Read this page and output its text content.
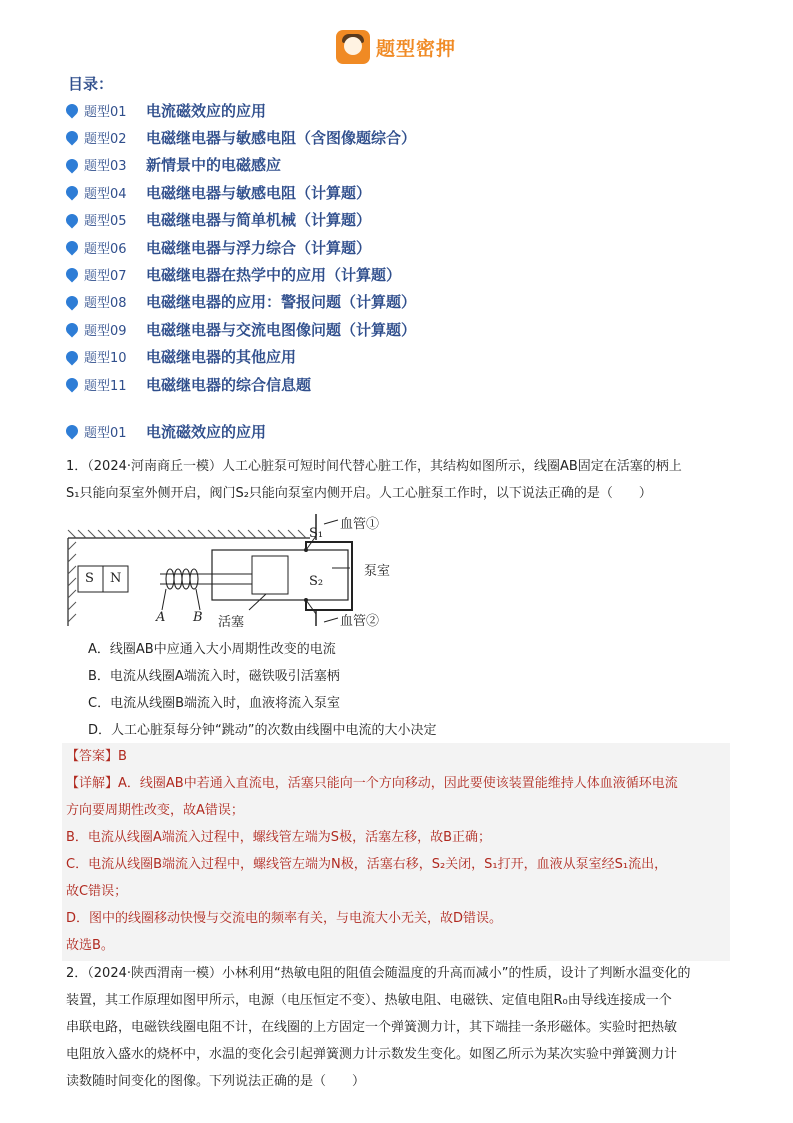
题型密押
目录：
题型01	电流磁效应的应用
题型02	电磁继电器与敏感电阻（含图像题综合）
题型03	新情景中的电磁感应
题型04	电磁继电器与敏感电阻（计算题）
题型05	电磁继电器与简单机械（计算题）
题型06	电磁继电器与浮力综合（计算题）
题型07	电磁继电器在热学中的应用（计算题）
题型08	电磁继电器的应用：警报问题（计算题）
题型09	电磁继电器与交流电图像问题（计算题）
题型10	电磁继电器的其他应用
题型11	电磁继电器的综合信息题
题型01	电流磁效应的应用
1．（2024·河南商丘一模）人工心脏泵可短时间代替心脏工作，其结构如图所示，线圈AB固定在活塞的柄上
S₁只能向泵室外侧开启，阀门S₂只能向泵室内侧开启。人工心脏泵工作时，以下说法正确的是（　　）
S N
A B 活塞
S₁
S₂
血管①
泵室
血管②
A．线圈AB中应通入大小周期性改变的电流
B．电流从线圈A端流入时，磁铁吸引活塞柄
C．电流从线圈B端流入时，血液将流入泵室
D．人工心脏泵每分钟“跳动”的次数由线圈中电流的大小决定
【答案】B
【详解】A．线圈AB中若通入直流电，活塞只能向一个方向移动，因此要使该装置能维持人体血液循环电流
方向要周期性改变，故A错误；
B．电流从线圈A端流入过程中，螺线管左端为S极，活塞左移，故B正确；
C．电流从线圈B端流入过程中，螺线管左端为N极，活塞右移，S₂关闭，S₁打开，血液从泵室经S₁流出，
故C错误；
D．图中的线圈移动快慢与交流电的频率有关，与电流大小无关，故D错误。
故选B。
2．（2024·陕西渭南一模）小林利用“热敏电阻的阻值会随温度的升高而减小”的性质，设计了判断水温变化的
装置，其工作原理如图甲所示，电源（电压恒定不变）、热敏电阻、电磁铁、定值电阻R₀由导线连接成一个
串联电路，电磁铁线圈电阻不计，在线圈的上方固定一个弹簧测力计，其下端挂一条形磁体。实验时把热敏
电阻放入盛水的烧杯中，水温的变化会引起弹簧测力计示数发生变化。如图乙所示为某次实验中弹簧测力计
读数随时间变化的图像。下列说法正确的是（　　）
